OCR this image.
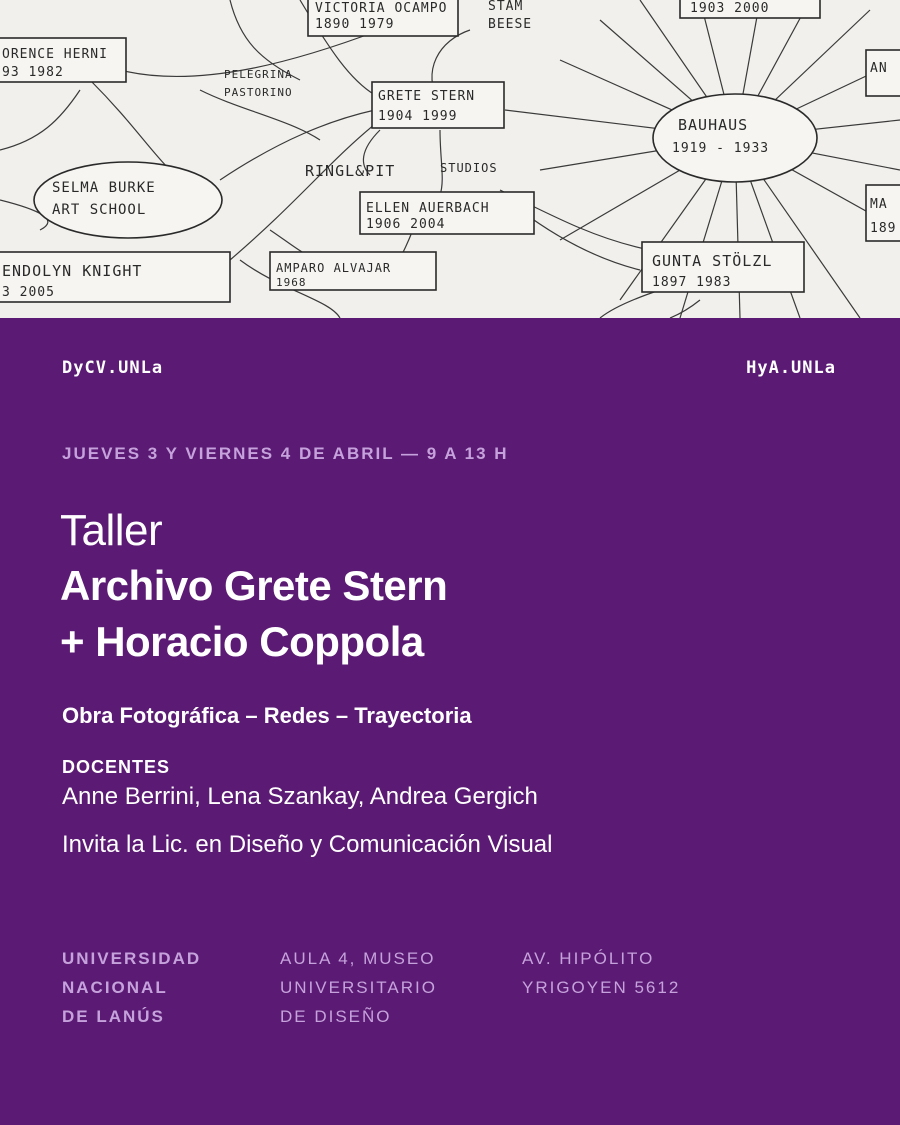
VICTORIA OCAMPO
1890 1979
STAM
BEESE
1903 2000
ORENCE HERNI
93 1982	PELEGRINA
PASTORINO	GRETE STERN
1904 1999	BAUHAUS
1919 - 1933
SELMA BURKE
ART SCHOOL
RINGL&PIT	STUDIOS
ELLEN AUERBACH
1906 2004
ENDOLYN KNIGHT
3 2005
AMPARO ALVAJAR
1968
GUNTA STÖLZL
1897 1983
MA
189
AN
DyCV.UNLa	HyA.UNLa
JUEVES 3 Y VIERNES 4 DE ABRIL — 9 A 13 H
Taller
Archivo Grete Stern
+ Horacio Coppola
Obra Fotográfica – Redes – Trayectoria
DOCENTES
Anne Berrini, Lena Szankay, Andrea Gergich
Invita la Lic. en Diseño y Comunicación Visual
UNIVERSIDAD
NACIONAL
DE LANÚS
AULA 4, MUSEO
UNIVERSITARIO
DE DISEÑO
AV. HIPÓLITO
YRIGOYEN 5612
